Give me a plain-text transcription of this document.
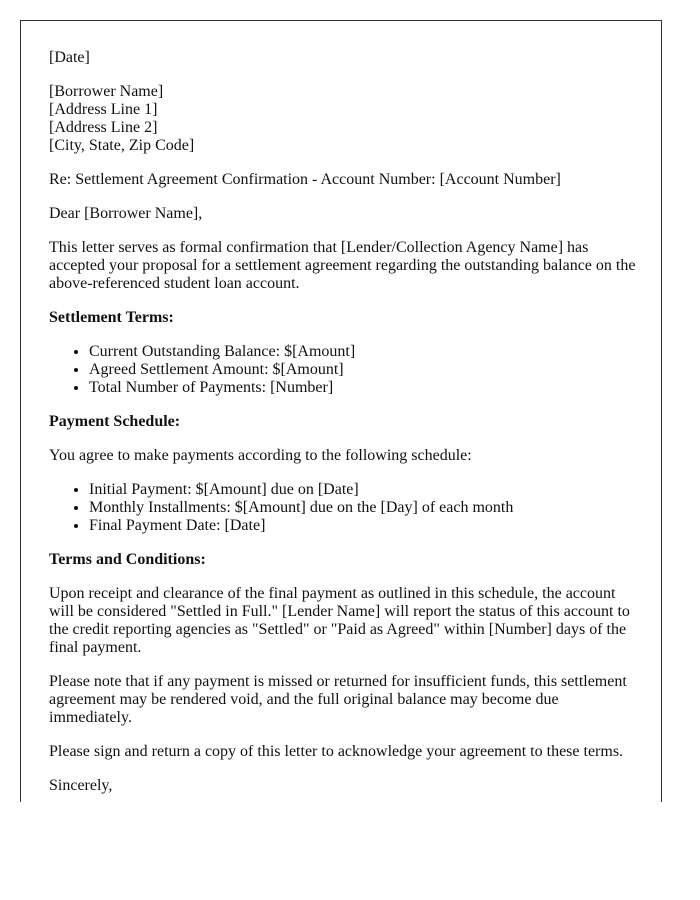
[Date]

[Borrower Name]
[Address Line 1]
[Address Line 2]
[City, State, Zip Code]

Re: Settlement Agreement Confirmation - Account Number: [Account Number]

Dear [Borrower Name],

This letter serves as formal confirmation that [Lender/Collection Agency Name] has accepted your proposal for a settlement agreement regarding the outstanding balance on the above-referenced student loan account.

Settlement Terms:

• Current Outstanding Balance: $[Amount]
• Agreed Settlement Amount: $[Amount]
• Total Number of Payments: [Number]

Payment Schedule:

You agree to make payments according to the following schedule:

• Initial Payment: $[Amount] due on [Date]
• Monthly Installments: $[Amount] due on the [Day] of each month
• Final Payment Date: [Date]

Terms and Conditions:

Upon receipt and clearance of the final payment as outlined in this schedule, the account will be considered "Settled in Full." [Lender Name] will report the status of this account to the credit reporting agencies as "Settled" or "Paid as Agreed" within [Number] days of the final payment.

Please note that if any payment is missed or returned for insufficient funds, this settlement agreement may be rendered void, and the full original balance may become due immediately.

Please sign and return a copy of this letter to acknowledge your agreement to these terms.

Sincerely,
